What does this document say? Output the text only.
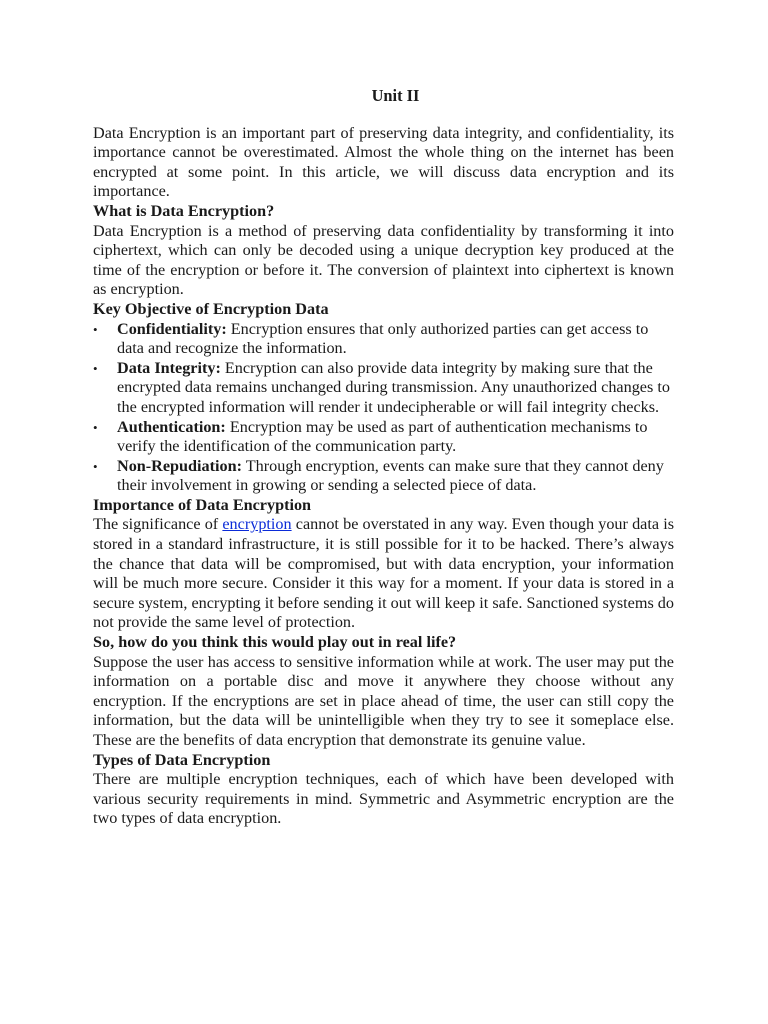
Unit II

Data Encryption is an important part of preserving data integrity, and confidentiality, its importance cannot be overestimated. Almost the whole thing on the internet has been encrypted at some point. In this article, we will discuss data encryption and its importance.

What is Data Encryption?

Data Encryption is a method of preserving data confidentiality by transforming it into ciphertext, which can only be decoded using a unique decryption key produced at the time of the encryption or before it. The conversion of plaintext into ciphertext is known as encryption.

Key Objective of Encryption Data
•	Confidentiality: Encryption ensures that only authorized parties can get access to data and recognize the information.
•	Data Integrity: Encryption can also provide data integrity by making sure that the encrypted data remains unchanged during transmission. Any unauthorized changes to the encrypted information will render it undecipherable or will fail integrity checks.
•	Authentication: Encryption may be used as part of authentication mechanisms to verify the identification of the communication party.
•	Non-Repudiation: Through encryption, events can make sure that they cannot deny their involvement in growing or sending a selected piece of data.
Importance of Data Encryption

The significance of encryption cannot be overstated in any way. Even though your data is stored in a standard infrastructure, it is still possible for it to be hacked. There’s always the chance that data will be compromised, but with data encryption, your information will be much more secure. Consider it this way for a moment. If your data is stored in a secure system, encrypting it before sending it out will keep it safe. Sanctioned systems do not provide the same level of protection.

So, how do you think this would play out in real life?

Suppose the user has access to sensitive information while at work. The user may put the information on a portable disc and move it anywhere they choose without any encryption. If the encryptions are set in place ahead of time, the user can still copy the information, but the data will be unintelligible when they try to see it someplace else. These are the benefits of data encryption that demonstrate its genuine value.

Types of Data Encryption

There are multiple encryption techniques, each of which have been developed with various security requirements in mind. Symmetric and Asymmetric encryption are the two types of data encryption.
